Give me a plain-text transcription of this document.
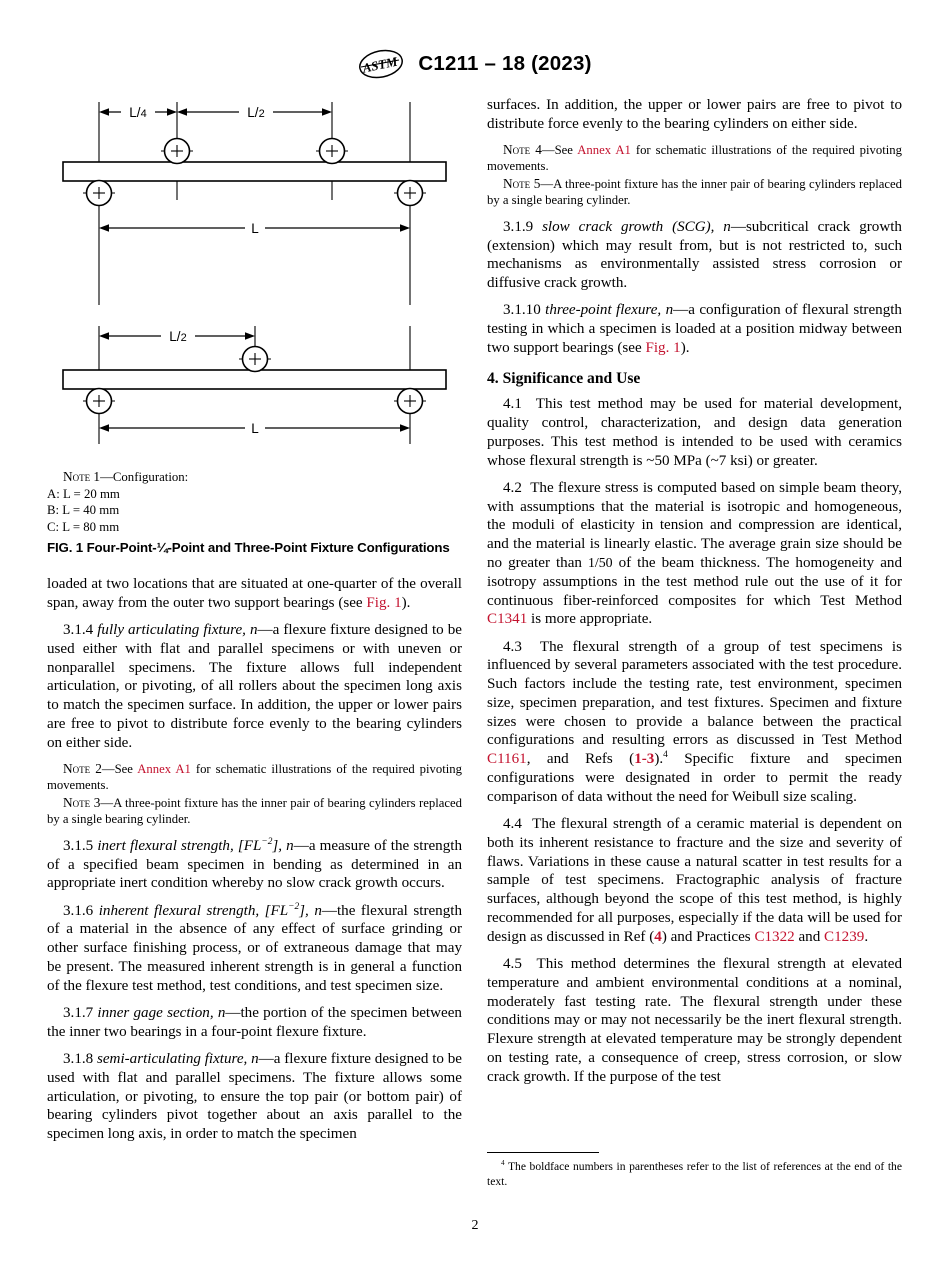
ASTM C1211 – 18 (2023)
L/4	L/2
L
L/2
L
Note 1—Configuration:
A: L = 20 mm
B: L = 40 mm
C: L = 80 mm
FIG. 1 Four-Point-¼-Point and Three-Point Fixture Configurations

loaded at two locations that are situated at one-quarter of the overall span, away from the outer two support bearings (see Fig. 1).

3.1.4 fully articulating fixture, n—a flexure fixture designed to be used either with flat and parallel specimens or with uneven or nonparallel specimens. The fixture allows full independent articulation, or pivoting, of all rollers about the specimen long axis to match the specimen surface. In addition, the upper or lower pairs are free to pivot to distribute force evenly to the bearing cylinders on either side.

Note 2—See Annex A1 for schematic illustrations of the required pivoting movements.

Note 3—A three-point fixture has the inner pair of bearing cylinders replaced by a single bearing cylinder.

3.1.5 inert flexural strength, $[FL^{-2}]$, n—a measure of the strength of a specified beam specimen in bending as determined in an appropriate inert condition whereby no slow crack growth occurs.

3.1.6 inherent flexural strength, $[FL^{-2}]$, n—the flexural strength of a material in the absence of any effect of surface grinding or other surface finishing process, or of extraneous damage that may be present. The measured inherent strength is in general a function of the flexure test method, test conditions, and test specimen size.

3.1.7 inner gage section, n—the portion of the specimen between the inner two bearings in a four-point flexure fixture.

3.1.8 semi-articulating fixture, n—a flexure fixture designed to be used with flat and parallel specimens. The fixture allows some articulation, or pivoting, to ensure the top pair (or bottom pair) of bearing cylinders pivot together about an axis parallel to the specimen long axis, in order to match the specimen

surfaces. In addition, the upper or lower pairs are free to pivot to distribute force evenly to the bearing cylinders on either side.

Note 4—See Annex A1 for schematic illustrations of the required pivoting movements.

Note 5—A three-point fixture has the inner pair of bearing cylinders replaced by a single bearing cylinder.

3.1.9 slow crack growth (SCG), n—subcritical crack growth (extension) which may result from, but is not restricted to, such mechanisms as environmentally assisted stress corrosion or diffusive crack growth.

3.1.10 three-point flexure, n—a configuration of flexural strength testing in which a specimen is loaded at a position midway between two support bearings (see Fig. 1).

4. Significance and Use

4.1 This test method may be used for material development, quality control, characterization, and design data generation purposes. This test method is intended to be used with ceramics whose flexural strength is ~50 MPa (~7 ksi) or greater.

4.2 The flexure stress is computed based on simple beam theory, with assumptions that the material is isotropic and homogeneous, the moduli of elasticity in tension and compression are identical, and the material is linearly elastic. The average grain size should be no greater than 1/50 of the beam thickness. The homogeneity and isotropy assumptions in the test method rule out the use of it for continuous fiber-reinforced composites for which Test Method C1341 is more appropriate.

4.3 The flexural strength of a group of test specimens is influenced by several parameters associated with the test procedure. Such factors include the testing rate, test environment, specimen size, specimen preparation, and test fixtures. Specimen and fixture sizes were chosen to provide a balance between the practical configurations and resulting errors as discussed in Test Method C1161, and Refs (1-3).$^4$ Specific fixture and specimen configurations were designated in order to permit the ready comparison of data without the need for Weibull size scaling.

4.4 The flexural strength of a ceramic material is dependent on both its inherent resistance to fracture and the size and severity of flaws. Variations in these cause a natural scatter in test results for a sample of test specimens. Fractographic analysis of fracture surfaces, although beyond the scope of this test method, is highly recommended for all purposes, especially if the data will be used for design as discussed in Ref (4) and Practices C1322 and C1239.

4.5 This method determines the flexural strength at elevated temperature and ambient environmental conditions at a nominal, moderately fast testing rate. The flexural strength under these conditions may or may not necessarily be the inert flexural strength. Flexure strength at elevated temperature may be strongly dependent on testing rate, a consequence of creep, stress corrosion, or slow crack growth. If the purpose of the test

$^4$ The boldface numbers in parentheses refer to the list of references at the end of the text.
2
